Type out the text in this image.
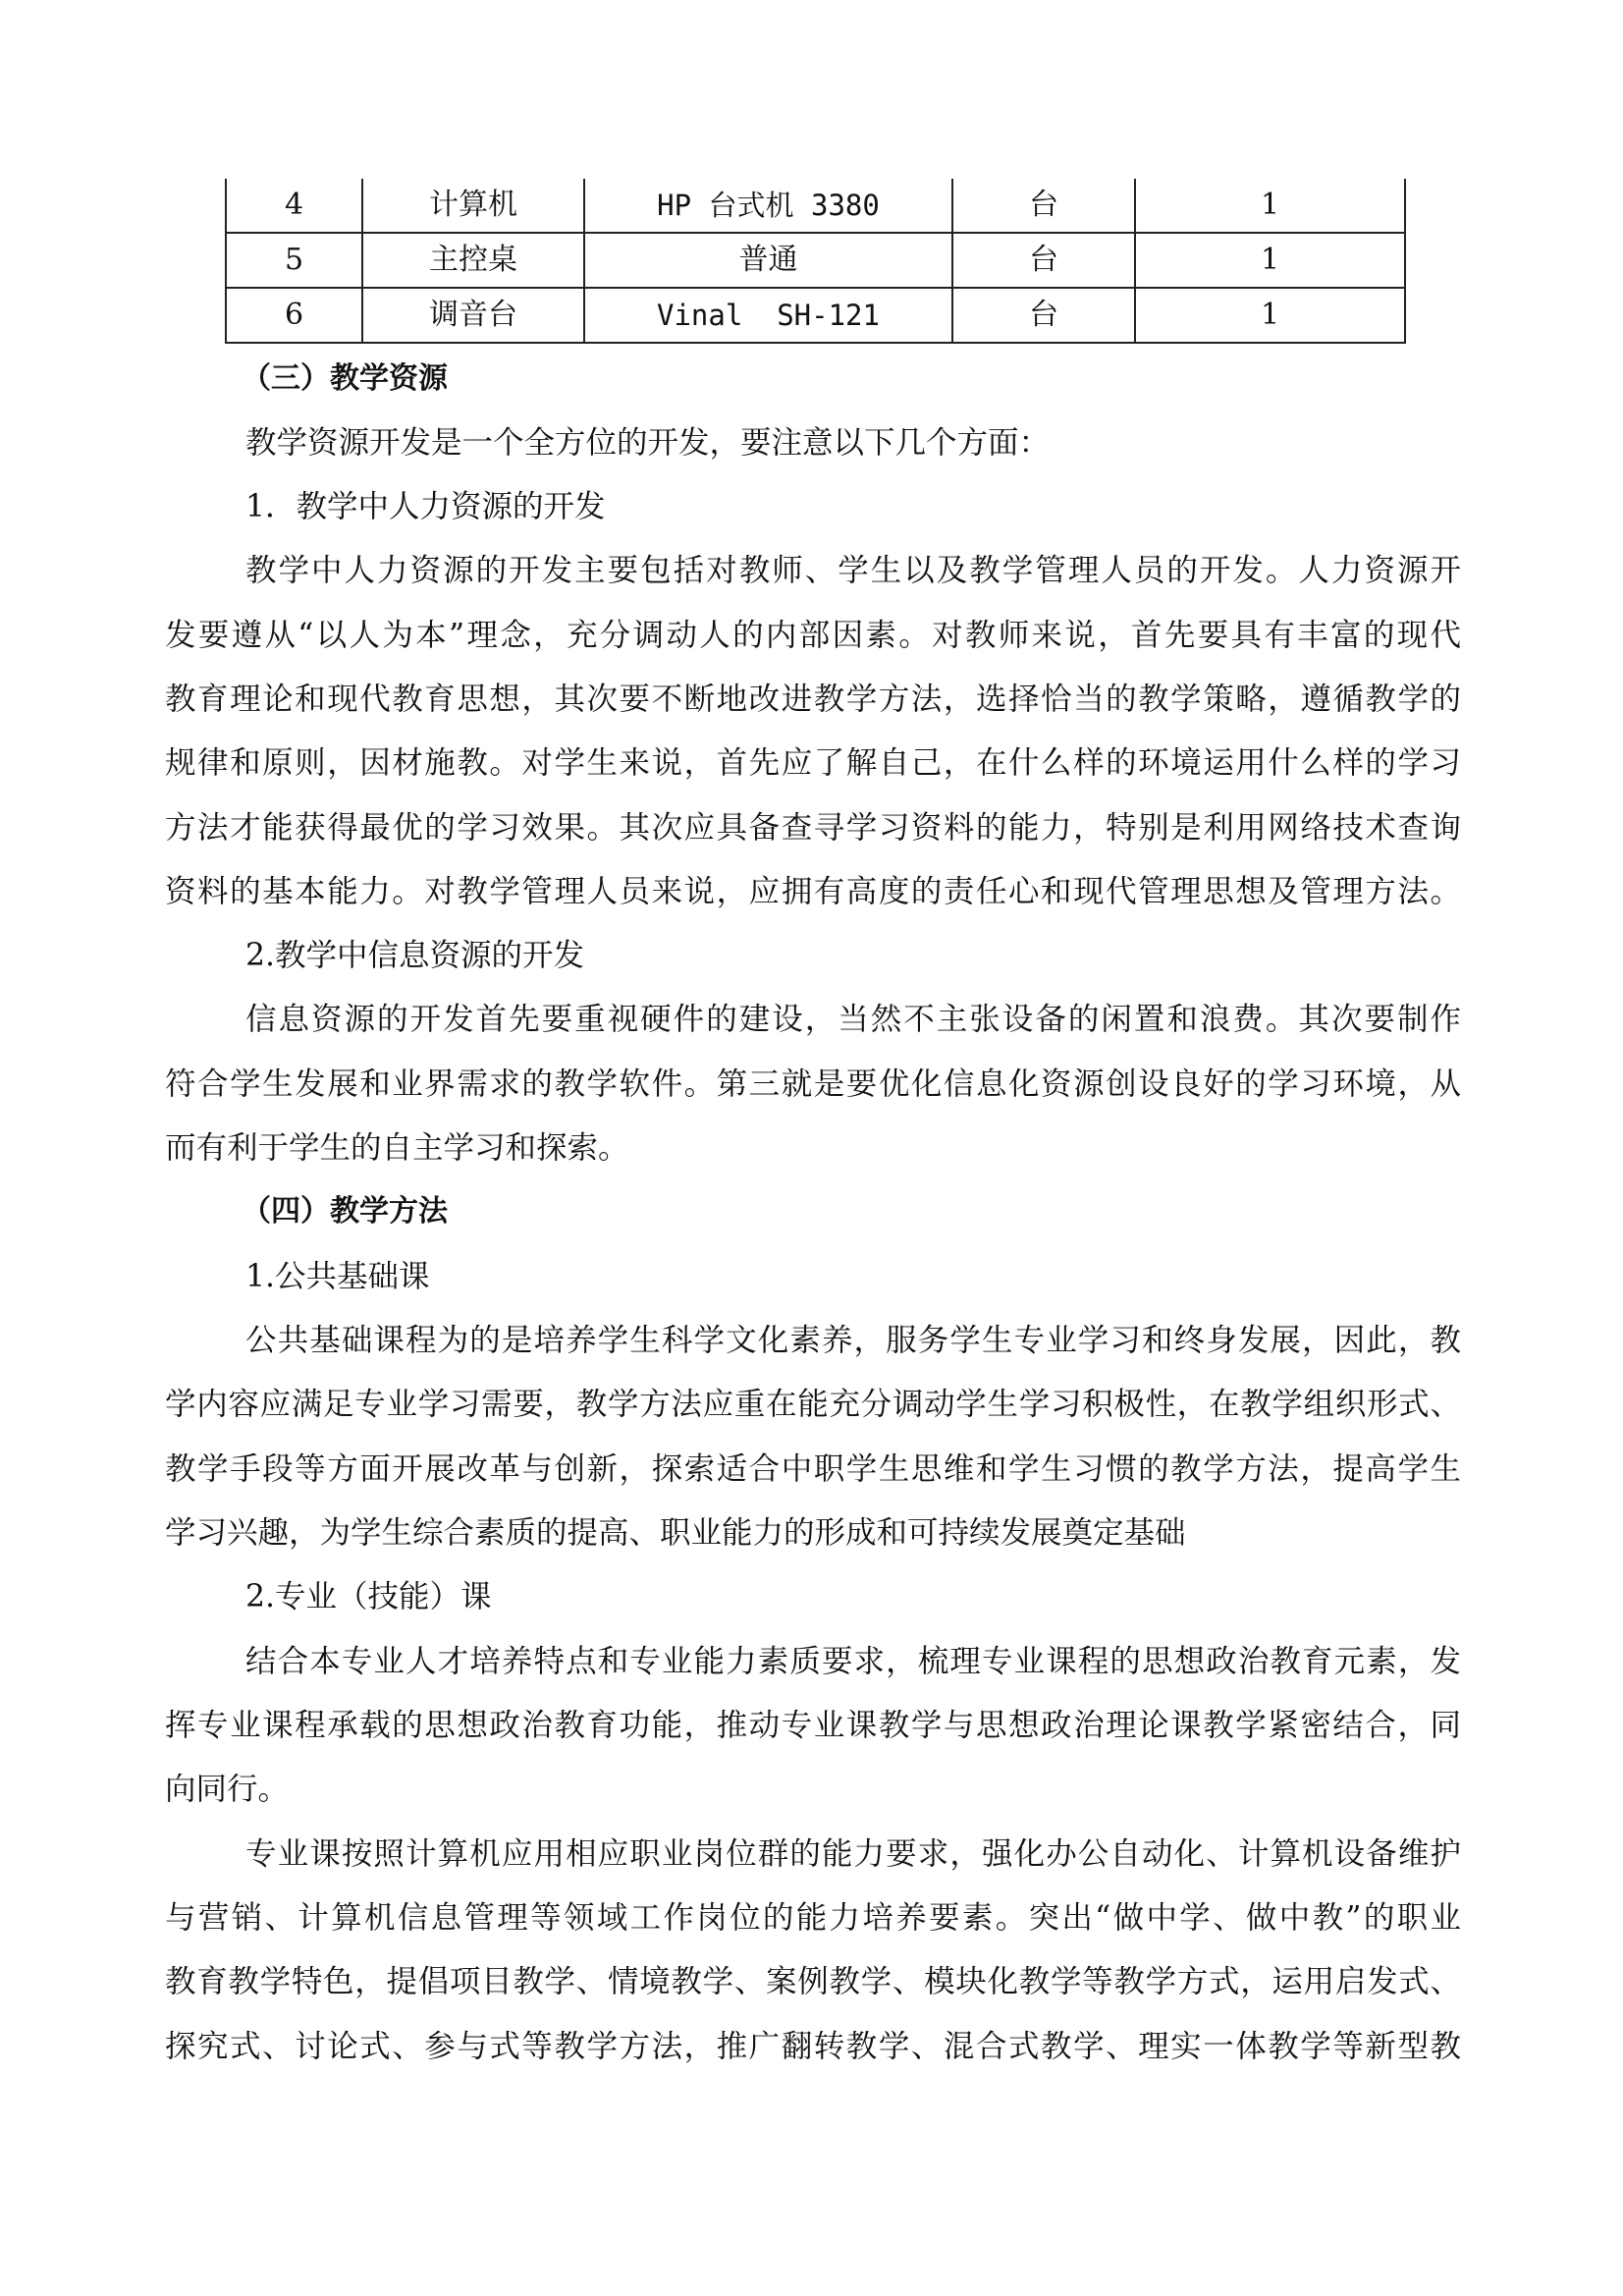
4	计算机	HP 台式机 3380	台	1
5	主控桌	普通	台	1
6	调音台	Vinal  SH-121	台	1
（三）教学资源
教学资源开发是一个全方位的开发，要注意以下几个方面：
1．教学中人力资源的开发
教学中人力资源的开发主要包括对教师、学生以及教学管理人员的开发。人力资源开
发要遵从“以人为本”理念，充分调动人的内部因素。对教师来说，首先要具有丰富的现代
教育理论和现代教育思想，其次要不断地改进教学方法，选择恰当的教学策略，遵循教学的
规律和原则，因材施教。对学生来说，首先应了解自己，在什么样的环境运用什么样的学习
方法才能获得最优的学习效果。其次应具备查寻学习资料的能力，特别是利用网络技术查询
资料的基本能力。对教学管理人员来说，应拥有高度的责任心和现代管理思想及管理方法。
2.教学中信息资源的开发
信息资源的开发首先要重视硬件的建设，当然不主张设备的闲置和浪费。其次要制作
符合学生发展和业界需求的教学软件。第三就是要优化信息化资源创设良好的学习环境，从
而有利于学生的自主学习和探索。
（四）教学方法
1.公共基础课
公共基础课程为的是培养学生科学文化素养，服务学生专业学习和终身发展，因此，教
学内容应满足专业学习需要，教学方法应重在能充分调动学生学习积极性，在教学组织形式、
教学手段等方面开展改革与创新，探索适合中职学生思维和学生习惯的教学方法，提高学生
学习兴趣，为学生综合素质的提高、职业能力的形成和可持续发展奠定基础
2.专业（技能）课
结合本专业人才培养特点和专业能力素质要求，梳理专业课程的思想政治教育元素，发
挥专业课程承载的思想政治教育功能，推动专业课教学与思想政治理论课教学紧密结合，同
向同行。
专业课按照计算机应用相应职业岗位群的能力要求，强化办公自动化、计算机设备维护
与营销、计算机信息管理等领域工作岗位的能力培养要素。突出“做中学、做中教”的职业
教育教学特色，提倡项目教学、情境教学、案例教学、模块化教学等教学方式，运用启发式、
探究式、讨论式、参与式等教学方法，推广翻转教学、混合式教学、理实一体教学等新型教
